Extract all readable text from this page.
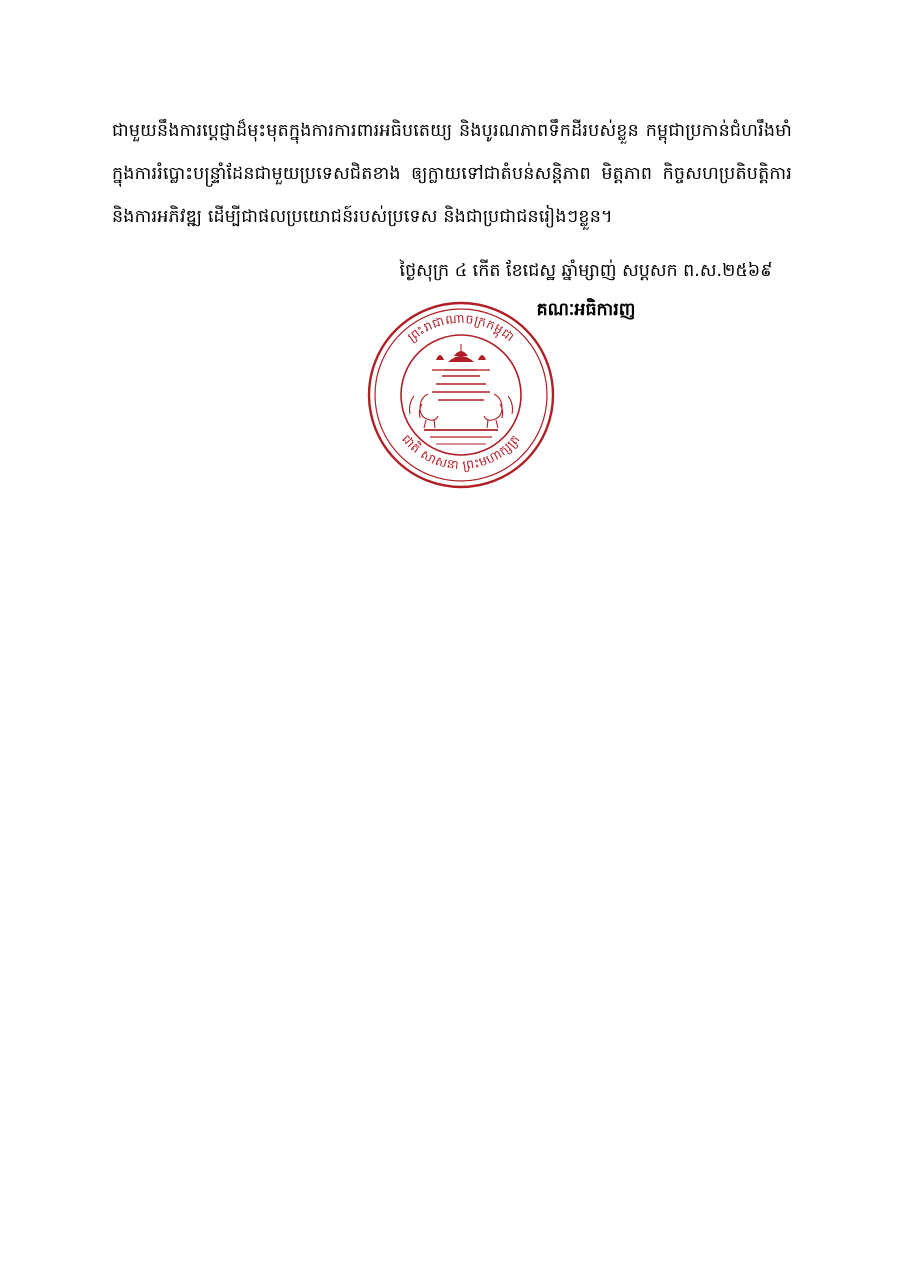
ជាមួយនឹងការប្តេជ្ញាដ៏មុះមុតក្នុងការការពារអធិបតេយ្យ និងបូរណភាពទឹកដីរបស់ខ្លួន កម្ពុជាប្រកាន់ជំហរឹងមាំ ក្នុងការរំប្លោះបន្ទ្រាំដែនជាមួយប្រទេសជិតខាង ឲ្យក្លាយទៅជាតំបន់សន្តិភាព មិត្តភាព កិច្ចសហប្រតិបត្តិការ និងការអភិវឌ្ឍ ដើម្បីជាផលប្រយោជន៍របស់ប្រទេស និងជាប្រជាជនរៀងៗខ្លួន។

ថ្ងៃសុក្រ ៤ កើត ខែជេស្ឋ ឆ្នាំម្សាញ់ សប្តសក ព.ស.២៥៦៩
គណៈអធិការញ
ព្រះរាជាណាចក្រកម្ពុជា
ជាតិ សាសនា ព្រះមហាក្សត្រ
